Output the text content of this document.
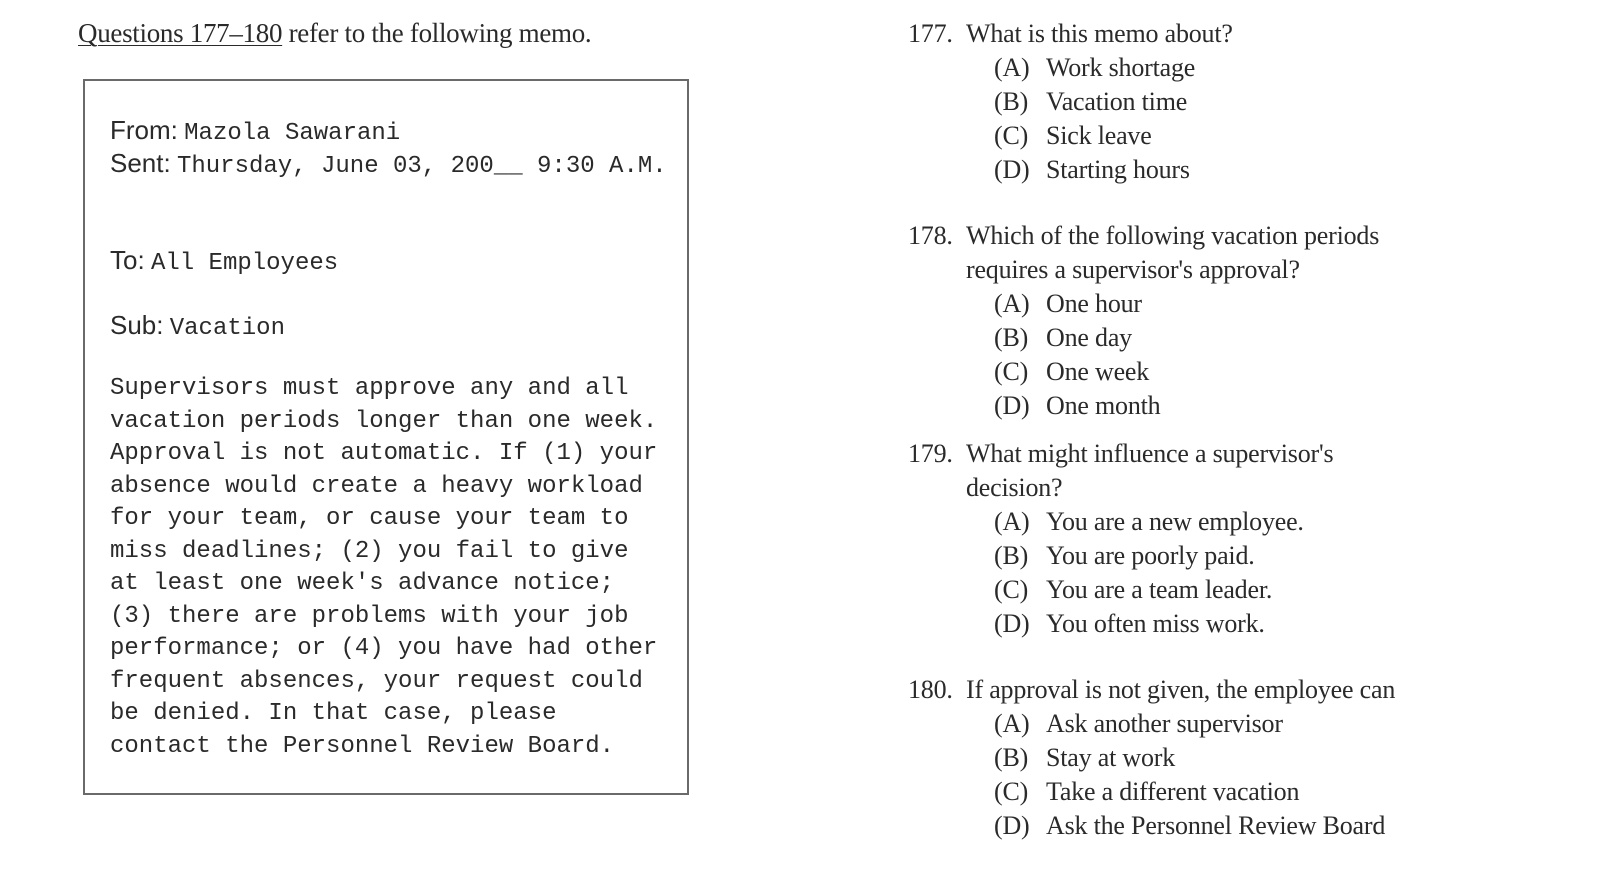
Questions 177–180 refer to the following memo.
From: Mazola Sawarani
Sent: Thursday, June 03, 200__ 9:30 A.M.
To: All Employees
Sub: Vacation
Supervisors must approve any and all
vacation periods longer than one week.
Approval is not automatic. If (1) your
absence would create a heavy workload
for your team, or cause your team to
miss deadlines; (2) you fail to give
at least one week's advance notice;
(3) there are problems with your job
performance; or (4) you have had other
frequent absences, your request could
be denied. In that case, please
contact the Personnel Review Board.
177. What is this memo about?
(A) Work shortage
(B) Vacation time
(C) Sick leave
(D) Starting hours
178. Which of the following vacation periods
requires a supervisor's approval?
(A) One hour
(B) One day
(C) One week
(D) One month
179. What might influence a supervisor's
decision?
(A) You are a new employee.
(B) You are poorly paid.
(C) You are a team leader.
(D) You often miss work.
180. If approval is not given, the employee can
(A) Ask another supervisor
(B) Stay at work
(C) Take a different vacation
(D) Ask the Personnel Review Board
